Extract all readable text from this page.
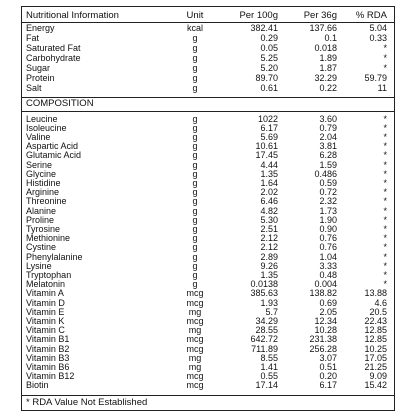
Nutritional Information	Unit	Per 100g	Per 36g	% RDA
Energy	kcal	382.41	137.66	5.04
Fat	g	0.29	0.1	0.33
Saturated Fat	g	0.05	0.018	*
Carbohydrate	g	5.25	1.89	*
Sugar	g	5.20	1.87	*
Protein	g	89.70	32.29	59.79
Salt	g	0.61	0.22	11
COMPOSITION
Leucine	g	1022	3.60	*
Isoleucine	g	6.17	0.79	*
Valine	g	5.69	2.04	*
Aspartic Acid	g	10.61	3.81	*
Glutamic Acid	g	17.45	6.28	*
Serine	g	4.44	1.59	*
Glycine	g	1.35	0.486	*
Histidine	g	1.64	0.59	*
Arginine	g	2.02	0.72	*
Threonine	g	6.46	2.32	*
Alanine	g	4.82	1.73	*
Proline	g	5.30	1.90	*
Tyrosine	g	2.51	0.90	*
Methionine	g	2.12	0.76	*
Cystine	g	2.12	0.76	*
Phenylalanine	g	2.89	1.04	*
Lysine	g	9.26	3.33	*
Tryptophan	g	1.35	0.48	*
Melatonin	g	0.0138	0.004	*
Vitamin A	mcg	385.63	138.82	13.88
Vitamin D	mcg	1.93	0.69	4.6
Vitamin E	mg	5.7	2.05	20.5
Vitamin K	mcg	34.29	12.34	22.43
Vitamin C	mg	28.55	10.28	12.85
Vitamin B1	mcg	642.72	231.38	12.85
Vitamin B2	mcg	711.89	256.28	10.25
Vitamin B3	mg	8.55	3.07	17.05
Vitamin B6	mg	1.41	0.51	21.25
Vitamin B12	mcg	0.55	0.20	9.09
Biotin	mcg	17.14	6.17	15.42
* RDA Value Not Established
